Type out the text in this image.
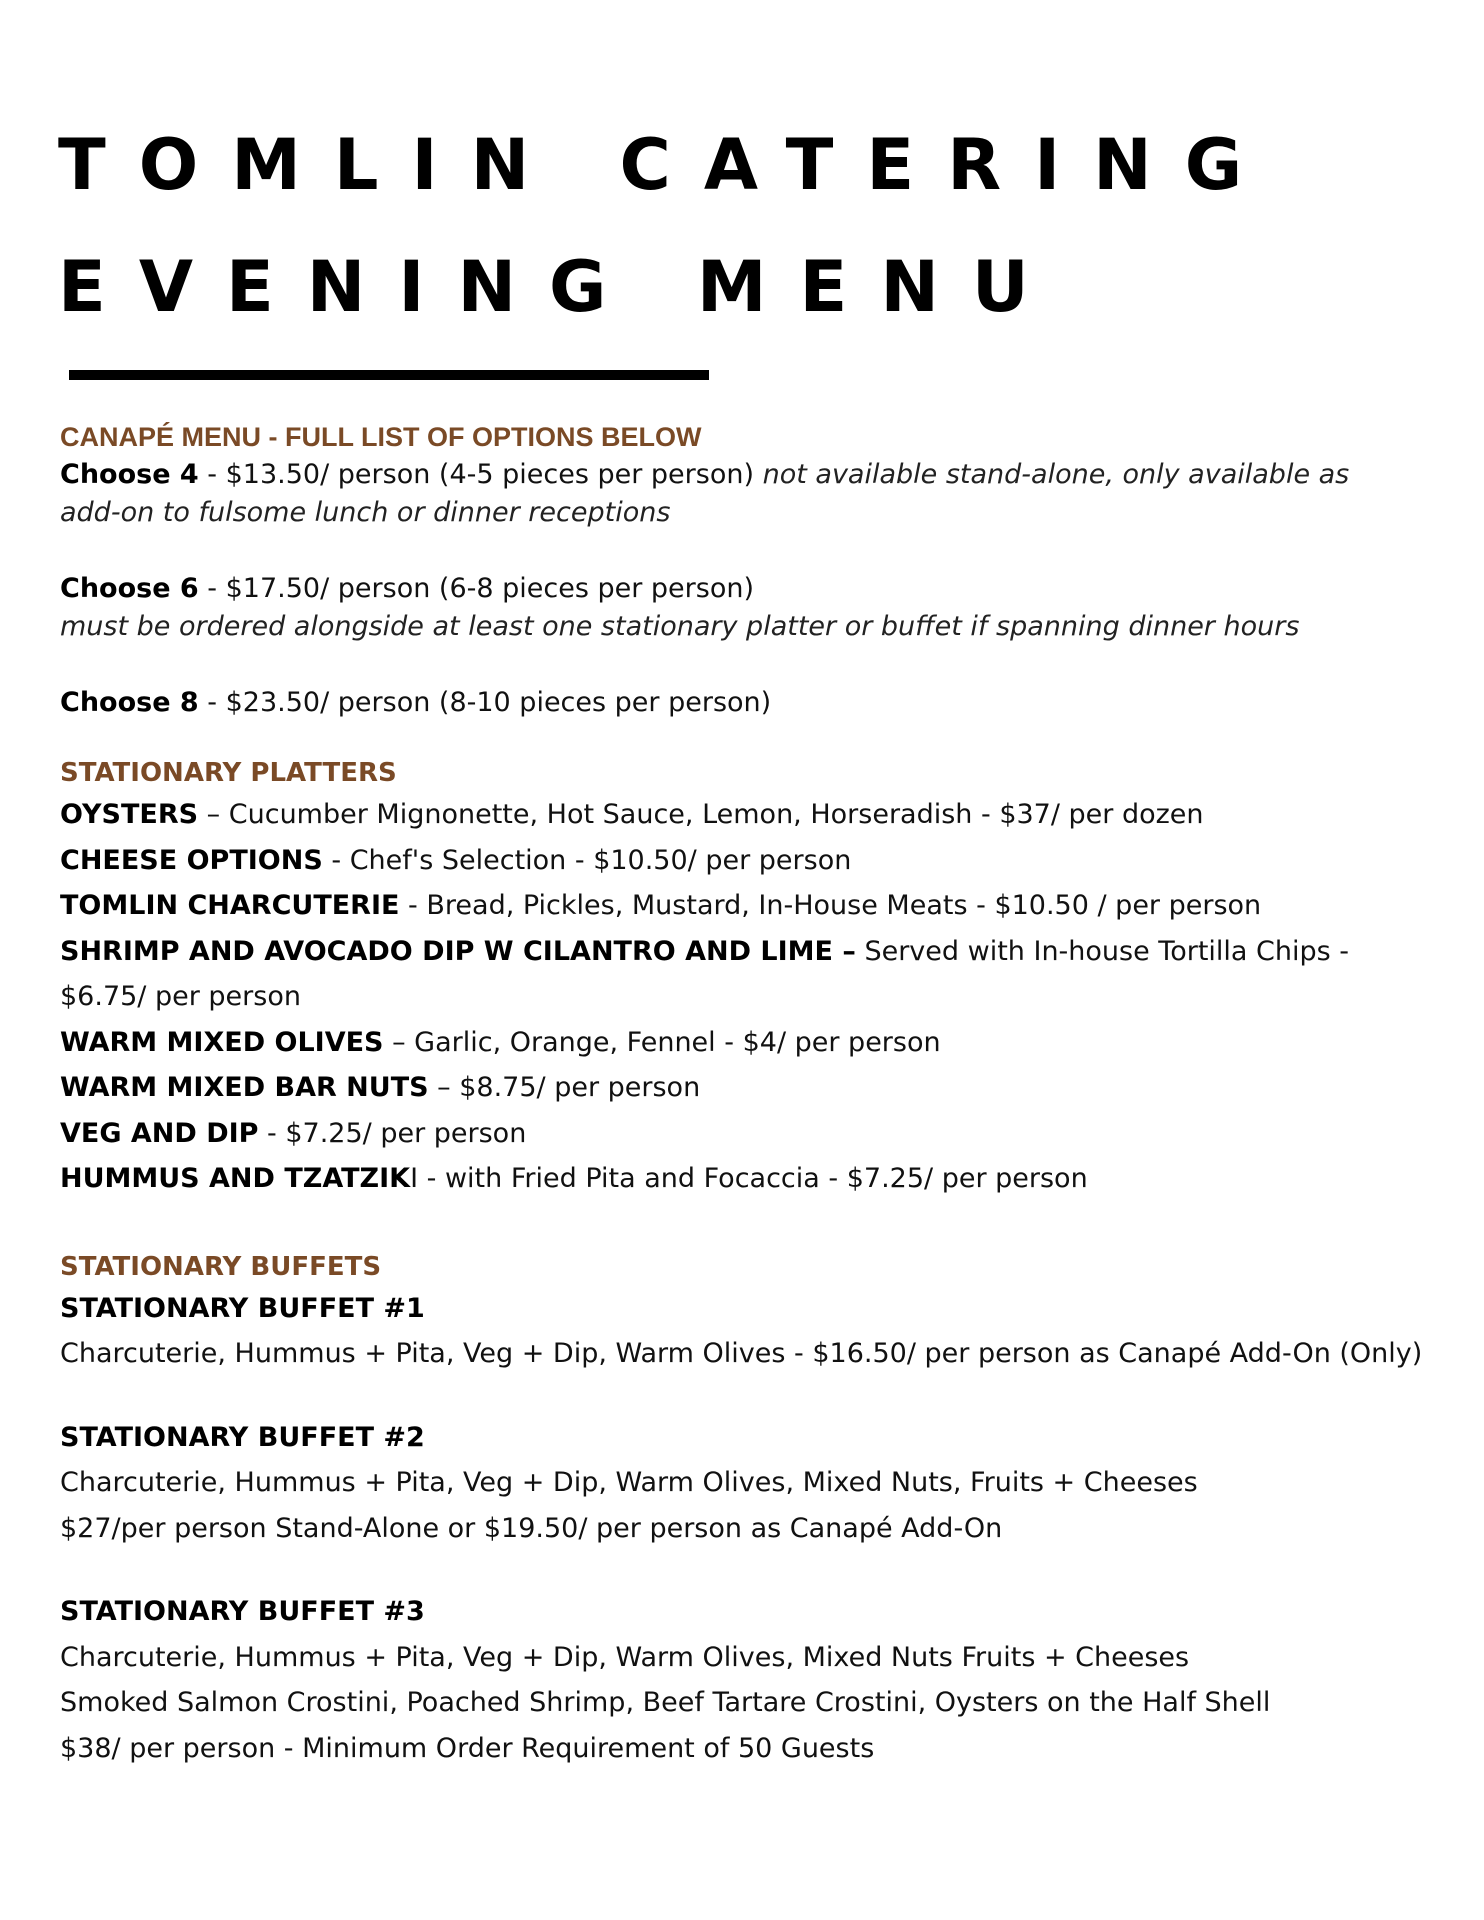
TOMLIN CATERING
EVENING MENU
CANAPÉ MENU - FULL LIST OF OPTIONS BELOW
Choose 4 - $13.50/ person (4-5 pieces per person) not available stand-alone, only available as
add-on to fulsome lunch or dinner receptions
Choose 6 - $17.50/ person (6-8 pieces per person)
must be ordered alongside at least one stationary platter or buffet if spanning dinner hours
Choose 8 - $23.50/ person (8-10 pieces per person)
STATIONARY PLATTERS
OYSTERS – Cucumber Mignonette, Hot Sauce, Lemon, Horseradish - $37/ per dozen
CHEESE OPTIONS - Chef's Selection - $10.50/ per person
TOMLIN CHARCUTERIE - Bread, Pickles, Mustard, In-House Meats - $10.50 / per person
SHRIMP AND AVOCADO DIP W CILANTRO AND LIME – Served with In-house Tortilla Chips -
$6.75/ per person
WARM MIXED OLIVES – Garlic, Orange, Fennel - $4/ per person
WARM MIXED BAR NUTS – $8.75/ per person
VEG AND DIP - $7.25/ per person
HUMMUS AND TZATZIKI - with Fried Pita and Focaccia - $7.25/ per person
STATIONARY BUFFETS
STATIONARY BUFFET #1
Charcuterie, Hummus + Pita, Veg + Dip, Warm Olives - $16.50/ per person as Canapé Add-On (Only)
STATIONARY BUFFET #2
Charcuterie, Hummus + Pita, Veg + Dip, Warm Olives, Mixed Nuts, Fruits + Cheeses
$27/per person Stand-Alone or $19.50/ per person as Canapé Add-On
STATIONARY BUFFET #3
Charcuterie, Hummus + Pita, Veg + Dip, Warm Olives, Mixed Nuts Fruits + Cheeses
Smoked Salmon Crostini, Poached Shrimp, Beef Tartare Crostini, Oysters on the Half Shell
$38/ per person - Minimum Order Requirement of 50 Guests
